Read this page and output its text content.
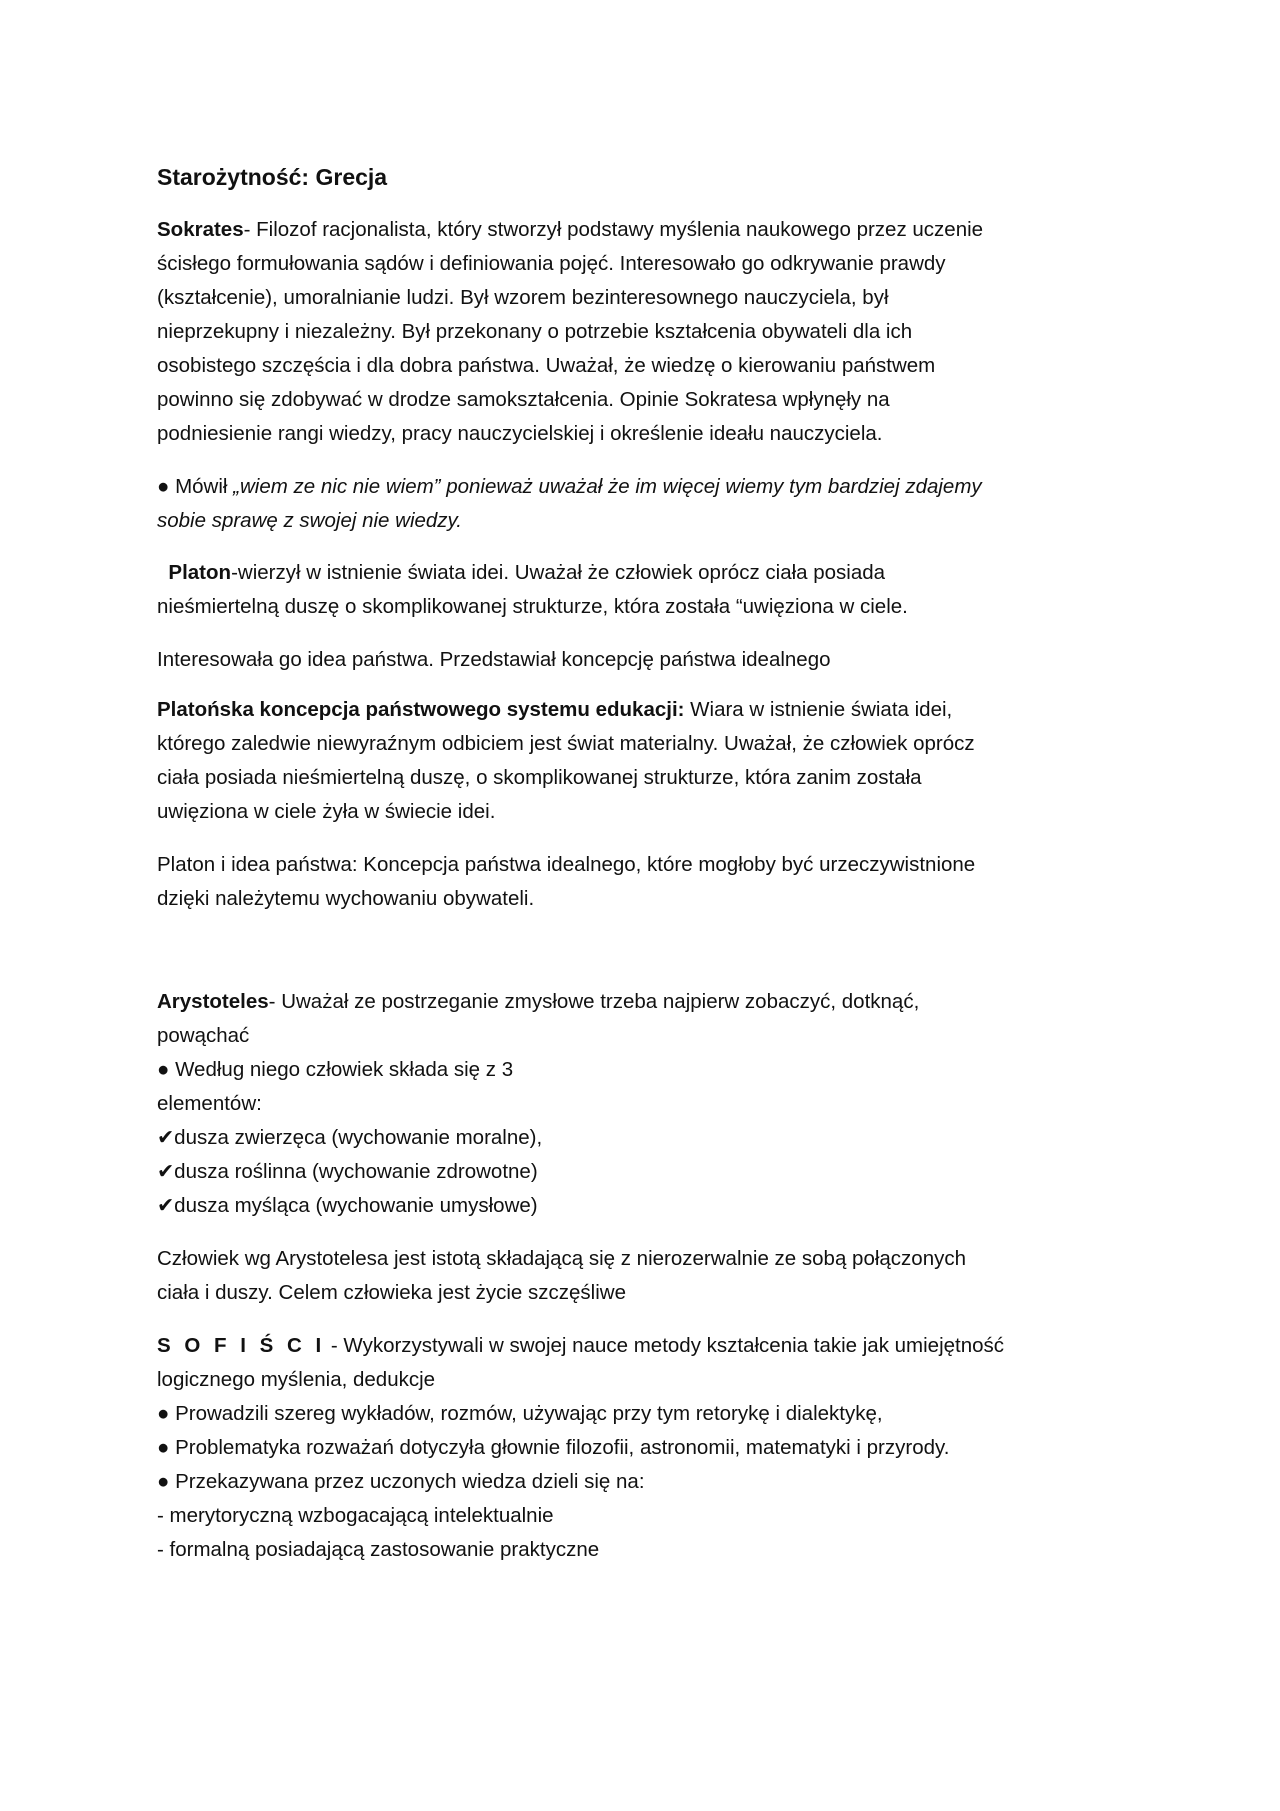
Starożytność: Grecja
Sokrates- Filozof racjonalista, który stworzył podstawy myślenia naukowego przez uczenie
ścisłego formułowania sądów i definiowania pojęć. Interesowało go odkrywanie prawdy
(kształcenie), umoralnianie ludzi. Był wzorem bezinteresownego nauczyciela, był
nieprzekupny i niezależny. Był przekonany o potrzebie kształcenia obywateli dla ich
osobistego szczęścia i dla dobra państwa. Uważał, że wiedzę o kierowaniu państwem
powinno się zdobywać w drodze samokształcenia. Opinie Sokratesa wpłynęły na
podniesienie rangi wiedzy, pracy nauczycielskiej i określenie ideału nauczyciela.
● Mówił „wiem ze nic nie wiem” ponieważ uważał że im więcej wiemy tym bardziej zdajemy
sobie sprawę z swojej nie wiedzy.
Platon-wierzył w istnienie świata idei. Uważał że człowiek oprócz ciała posiada
nieśmiertelną duszę o skomplikowanej strukturze, która została “uwięziona w ciele.
Interesowała go idea państwa. Przedstawiał koncepcję państwa idealnego
Platońska koncepcja państwowego systemu edukacji: Wiara w istnienie świata idei,
którego zaledwie niewyraźnym odbiciem jest świat materialny. Uważał, że człowiek oprócz
ciała posiada nieśmiertelną duszę, o skomplikowanej strukturze, która zanim została
uwięziona w ciele żyła w świecie idei.
Platon i idea państwa: Koncepcja państwa idealnego, które mogłoby być urzeczywistnione
dzięki należytemu wychowaniu obywateli.
Arystoteles- Uważał ze postrzeganie zmysłowe trzeba najpierw zobaczyć, dotknąć,
powąchać
● Według niego człowiek składa się z 3
elementów:
✔dusza zwierzęca (wychowanie moralne),
✔dusza roślinna (wychowanie zdrowotne)
✔dusza myśląca (wychowanie umysłowe)
Człowiek wg Arystotelesa jest istotą składającą się z nierozerwalnie ze sobą połączonych
ciała i duszy. Celem człowieka jest życie szczęśliwe
S O F I Ś C I - Wykorzystywali w swojej nauce metody kształcenia takie jak umiejętność
logicznego myślenia, dedukcje
● Prowadzili szereg wykładów, rozmów, używając przy tym retorykę i dialektykę,
● Problematyka rozważań dotyczyła głownie filozofii, astronomii, matematyki i przyrody.
● Przekazywana przez uczonych wiedza dzieli się na:
- merytoryczną wzbogacającą intelektualnie
- formalną posiadającą zastosowanie praktyczne
